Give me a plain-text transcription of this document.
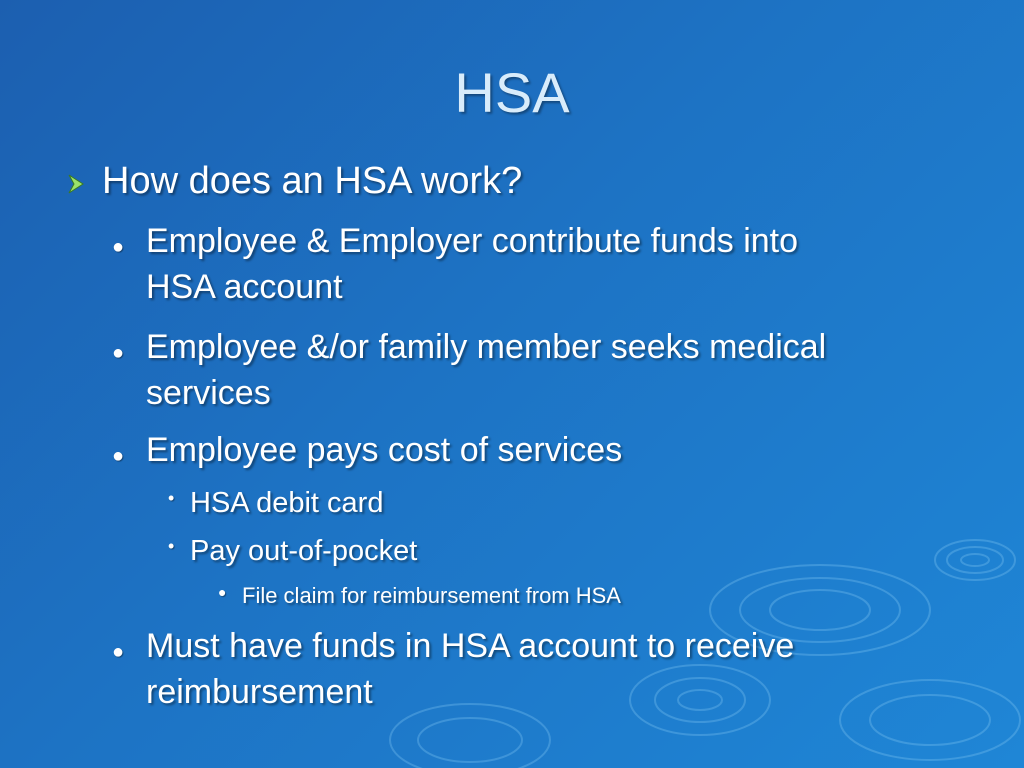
HSA
How does an HSA work?
● Employee & Employer contribute funds into
HSA account
● Employee &/or family member seeks medical
services
● Employee pays cost of services
• HSA debit card
• Pay out-of-pocket
● File claim for reimbursement from HSA
● Must have funds in HSA account to receive
reimbursement
